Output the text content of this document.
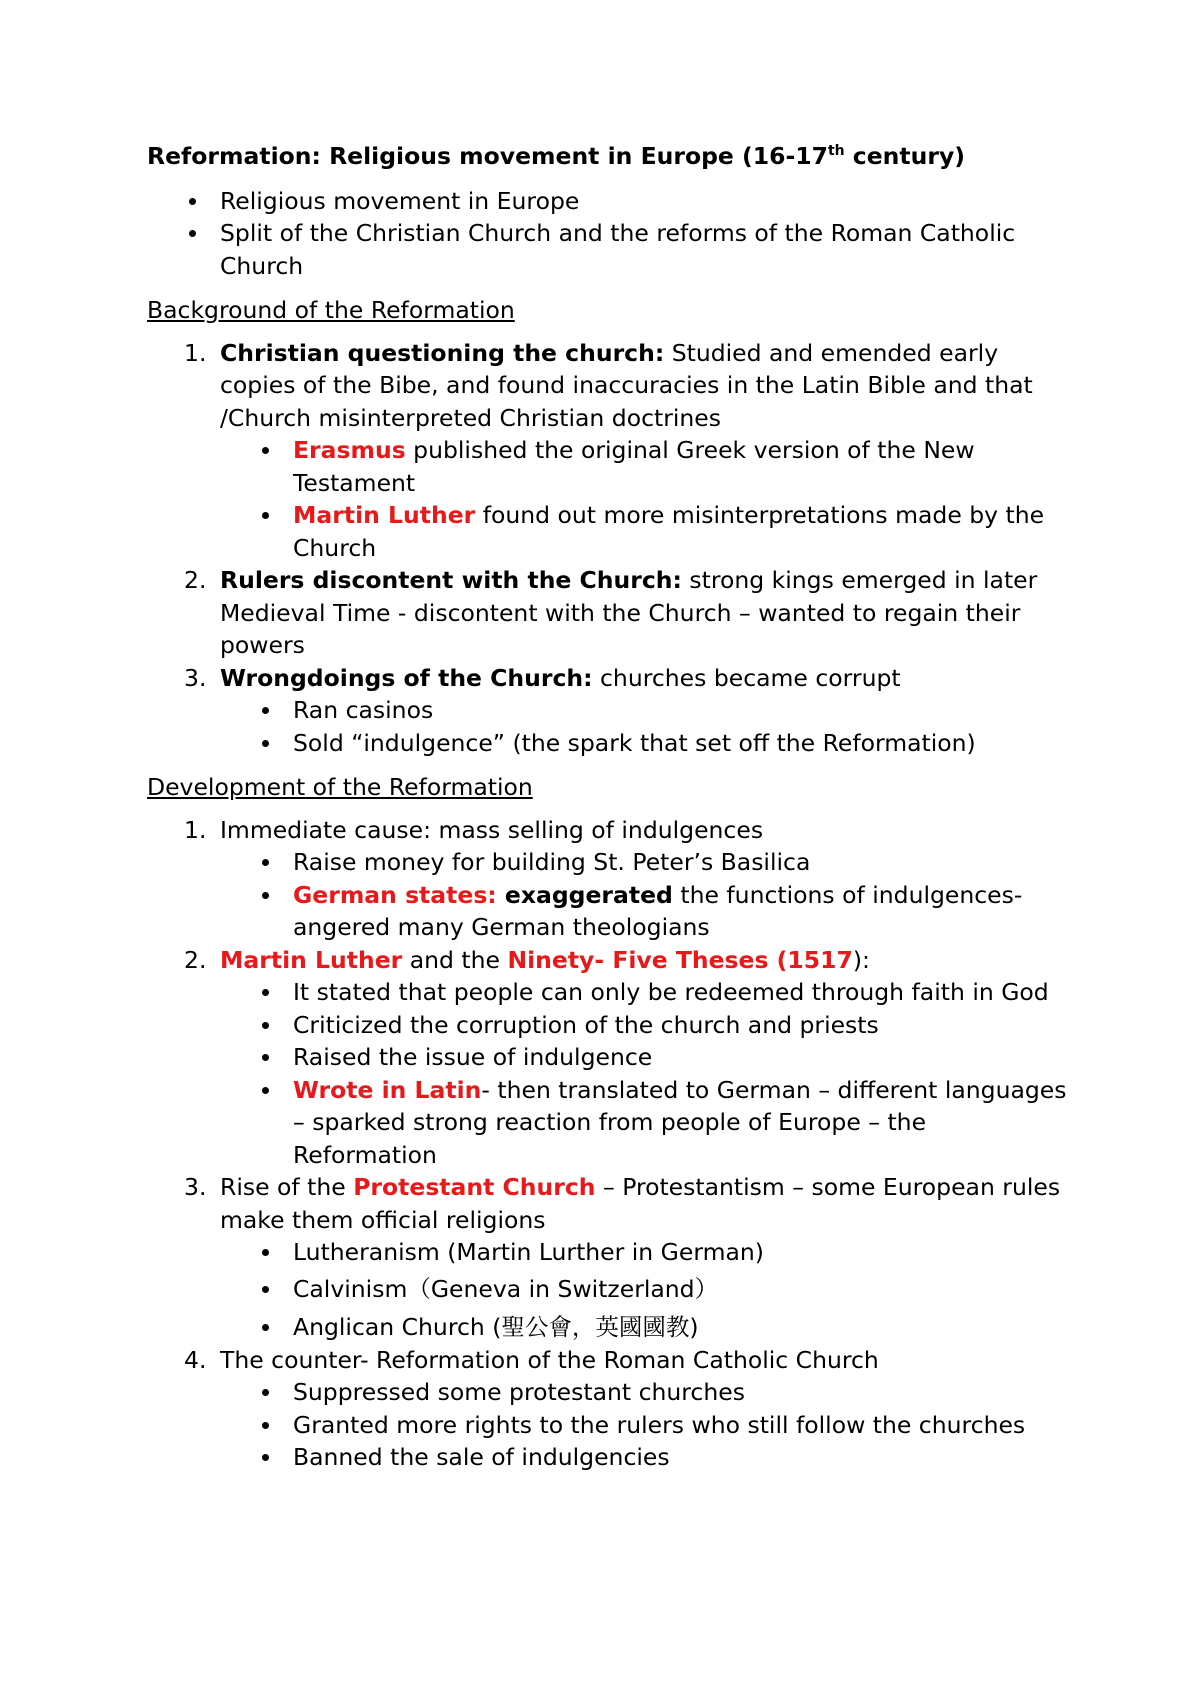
Reformation: Religious movement in Europe (16-17th century)
Religious movement in Europe
Split of the Christian Church and the reforms of the Roman Catholic Church
Background of the Reformation
1. Christian questioning the church: Studied and emended early copies of the Bibe, and found inaccuracies in the Latin Bible and that /Church misinterpreted Christian doctrines
Erasmus published the original Greek version of the New Testament
Martin Luther found out more misinterpretations made by the Church
2. Rulers discontent with the Church: strong kings emerged in later Medieval Time - discontent with the Church – wanted to regain their powers
3. Wrongdoings of the Church: churches became corrupt
Ran casinos
Sold “indulgence” (the spark that set off the Reformation)
Development of the Reformation
1. Immediate cause: mass selling of indulgences
Raise money for building St. Peter’s Basilica
German states: exaggerated the functions of indulgences- angered many German theologians
2. Martin Luther and the Ninety- Five Theses (1517):
It stated that people can only be redeemed through faith in God
Criticized the corruption of the church and priests
Raised the issue of indulgence
Wrote in Latin- then translated to German – different languages – sparked strong reaction from people of Europe – the Reformation
3. Rise of the Protestant Church – Protestantism – some European rules make them official religions
Lutheranism (Martin Lurther in German)
Calvinism（Geneva in Switzerland）
Anglican Church (聖公會，英國國教)
4. The counter- Reformation of the Roman Catholic Church
Suppressed some protestant churches
Granted more rights to the rulers who still follow the churches
Banned the sale of indulgencies
